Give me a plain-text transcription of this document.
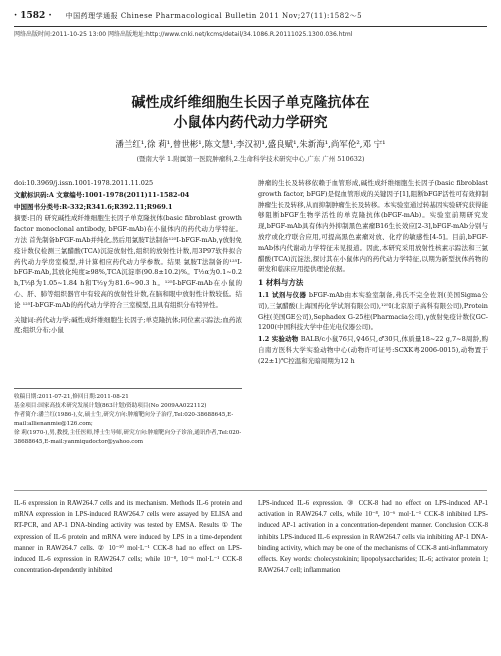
· 1582 · 中国药理学通报 Chinese Pharmacological Bulletin 2011 Nov;27(11):1582～5
网络出版时间:2011-10-25 13:00 网络出版地址:http://www.cnki.net/kcms/detail/34.1086.R.20111025.1300.036.html
碱性成纤维细胞生长因子单克隆抗体在
小鼠体内药代动力学研究
潘兰红¹,徐 莉¹,曾世彬¹,陈文慧¹,李汉初¹,盛良赋¹,朱新海¹,尚军伦²,邓 宁¹
(暨南大学 1.附属第一医院肿瘤科,2.生命科学技术研究中心,广东 广州 510632)

doi:10.3969/j.issn.1001-1978.2011.11.025

文献标识码:A 文章编号:1001-1978(2011)11-1582-04

中国图书分类号:R-332;R341.6;R392.11;R969.1

摘要:目的 研究碱性成纤维细胞生长因子单克隆抗体(basic fibroblast growth factor monoclonal antibody, bFGF-mAb)在小鼠体内的药代动力学特征。方法 首先制备bFGF-mAb并纯化,然后用氯胺T法制备¹²⁵I-bFGF-mAb,γ放射免疫计数仪检测三氯醋酸(TCA)沉淀放射性,组织的放射性计数,用3P97软件拟合药代动力学房室模型,并计算相应药代动力学参数。结果 氯胺T法制备的¹²⁵I-bFGF-mAb,其放化纯度≥98%,TCA沉淀率(90.8±10.2)%。T½α为0.1~0.2 h,T½β为1.05~1.84 h和T½γ为81.6~90.3 h。¹²⁵I-bFGF-mAb在小鼠的心、肝、肺等组织器官中有较高的放射性计数,在脑和眼中放射性计数较低。结论 ¹²⁵I-bFGF-mAb的药代动力学符合三室模型,且具有组织分布特异性。

关键词:药代动力学;碱性成纤维细胞生长因子;单克隆抗体;同位素示踪法;血药浓度;组织分布;小鼠

收稿日期:2011-07-21,修回日期:2011-08-21

基金项目:国家高技术研究发展计划(863计划)资助项目(No 2009AA022112)

作者简介:潘兰红(1986-),女,硕士生,研究方向:肿瘤靶向分子治疗,Tel:020-38688645,E-mail:allienanmie@126.com;

徐 莉(1970-),男,教授,主任医师,博士生导师,研究方向:肿瘤靶向分子诊治,通讯作者,Tel:020-38688645,E-mail:yanmiqudoctor@yahoo.com

肿瘤的生长及转移依赖于血管形成,碱性成纤维细胞生长因子(basic fibroblast growth factor, bFGF)是促血管形成的关键因子[1],阻断bFGF活性可有效抑制肿瘤生长及转移,从而抑制肿瘤生长及转移。本实验室通过转基因实验研究获得能够阻断bFGF生物学活性的单克隆抗体(bFGF-mAb)。实验室前期研究发现,bFGF-mAb具有体内外抑制黑色素瘤B16生长效应[2-3],bFGF-mAb分别与放疗或化疗联合应用,可提高黑色素瘤对放、化疗的敏感性[4-5]。目前,bFGF-mAb体内代谢动力学特征未见报道。因此,本研究采用放射性核素示踪法和三氯醋酸(TCA)沉淀法,探讨其在小鼠体内的药代动力学特征,以期为新型抗体药物的研发和临床应用提供理论依据。

1 材料与方法

1.1 试剂与仪器 bFGF-mAb由本实验室制备,弗氏不完全佐剂(美国Sigma公司),三氯醋酸(上海国药化学试剂有限公司),¹²⁵I(北京原子高科有限公司),Protein G柱(美国GE公司),Sephadex G-25柱(Pharmacia公司),γ放射免疫计数仪GC-1200(中国科技大学中佳光电仪器公司)。

1.2 实验动物 BALB/c小鼠76只,♀46只,♂30只,体质量18~22 g,7~8周龄,购自南方医科大学实验动物中心(动物许可证号:SCXK粤2006-0015),动物置于(22±1)℃控温和光暗周期为12 h

IL-6 expression in RAW264.7 cells and its mechanism. Methods IL-6 protein and mRNA expression in LPS-induced RAW264.7 cells were assayed by ELISA and RT-PCR, and AP-1 DNA-binding activity was tested by EMSA. Results ① The expression of IL-6 protein and mRNA were induced by LPS in a time-dependent manner in RAW264.7 cells. ② 10⁻¹⁰ mol·L⁻¹ CCK-8 had no effect on LPS-induced IL-6 expression in RAW264.7 cells; while 10⁻⁸, 10⁻⁶ mol·L⁻¹ CCK-8 concentration-dependently inhibited

LPS-induced IL-6 expression. ③ CCK-8 had no effect on LPS-induced AP-1 activation in RAW264.7 cells, while 10⁻⁸, 10⁻⁶ mol·L⁻¹ CCK-8 inhibited LPS-induced AP-1 activation in a concentration-dependent manner. Conclusion CCK-8 inhibits LPS-induced IL-6 expression in RAW264.7 cells via inhibiting AP-1 DNA-binding activity, which may be one of the mechanisms of CCK-8 anti-inflammatory effects. Key words: cholecystokinin; lipopolysaccharides; IL-6; activator protein 1; RAW264.7 cell; inflammation
